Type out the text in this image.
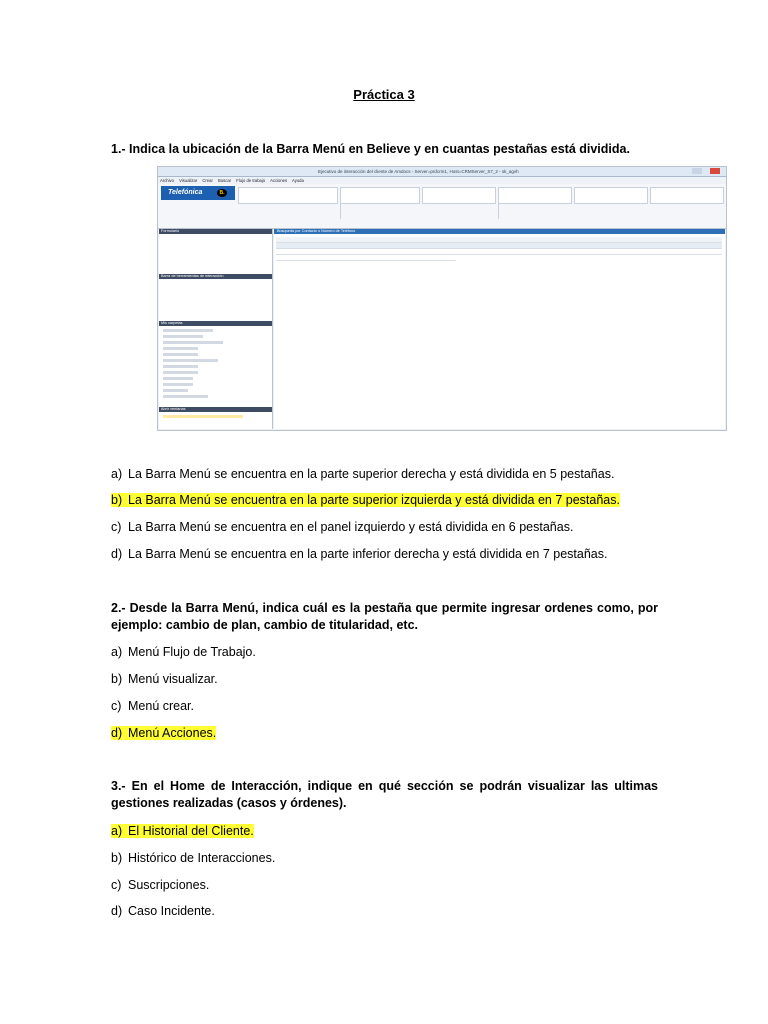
Práctica 3
1.- Indica la ubicación de la Barra Menú en Believe y en cuantas pestañas está dividida.
Ejecutivo de interacción del cliente de Amdocs - Server=prdcrm1, Host=CRMServer_S7_2 - sk_agvh
Archivo Visualizar Crear Buscar Flujo de trabajo Acciones Ayuda
Telefónica	B.
Formulario
Barra de herramientas de interacción
Mis carpetas
Abrir ventanas
Búsqueda por Contacto o Número de Teléfono
a) La Barra Menú se encuentra en la parte superior derecha y está dividida en 5 pestañas.
b) La Barra Menú se encuentra en la parte superior izquierda y está dividida en 7 pestañas.
c) La Barra Menú se encuentra en el panel izquierdo y está dividida en 6 pestañas.
d) La Barra Menú se encuentra en la parte inferior derecha y está dividida en 7 pestañas.
2.- Desde la Barra Menú, indica cuál es la pestaña que permite ingresar ordenes como, por ejemplo: cambio de plan, cambio de titularidad, etc.
a) Menú Flujo de Trabajo.
b) Menú visualizar.
c) Menú crear.
d) Menú Acciones.
3.- En el Home de Interacción, indique en qué sección se podrán visualizar las ultimas gestiones realizadas (casos y órdenes).
a) El Historial del Cliente.
b) Histórico de Interacciones.
c) Suscripciones.
d) Caso Incidente.
